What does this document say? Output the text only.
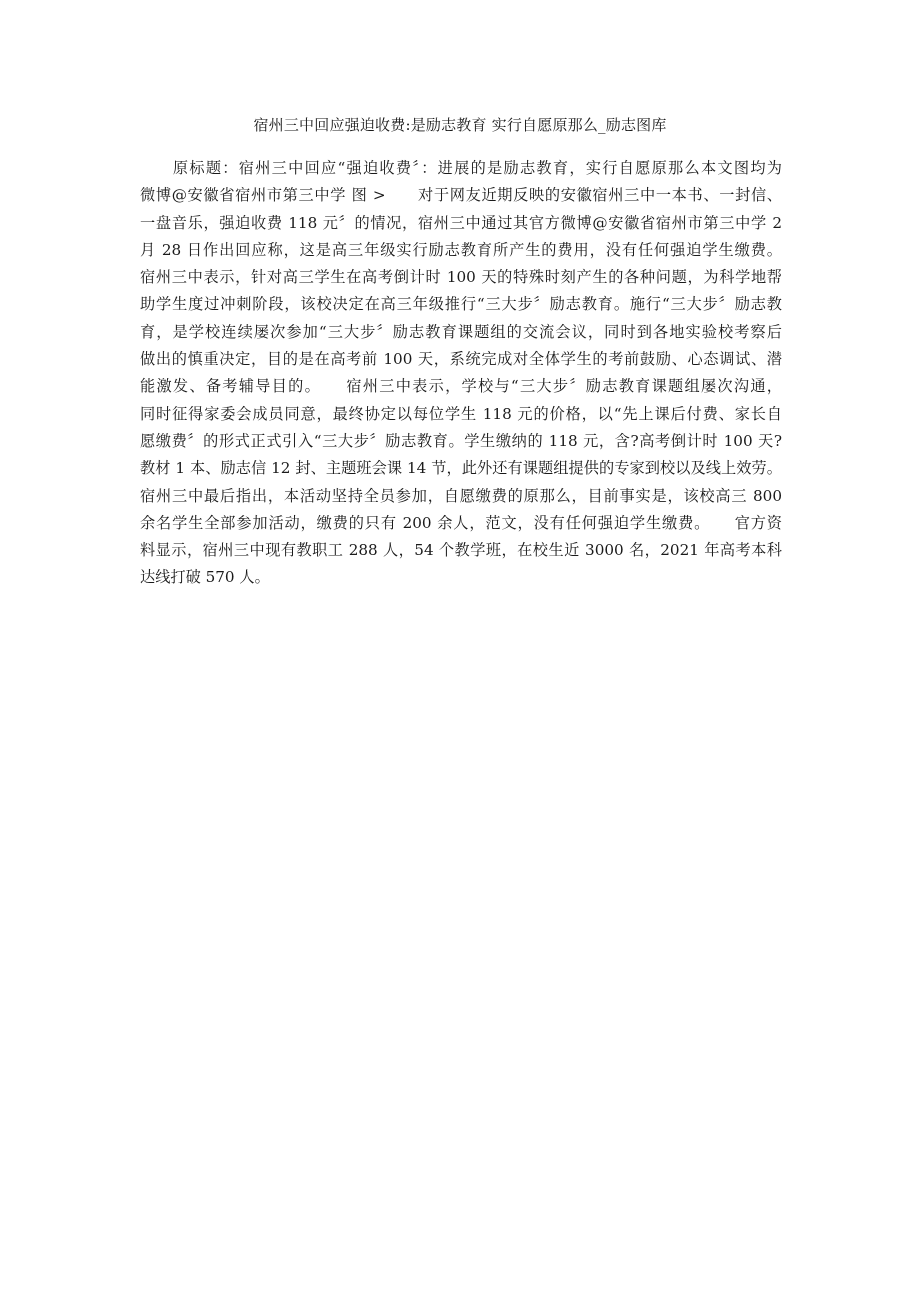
宿州三中回应强迫收费:是励志教育 实行自愿原那么_励志图库
　　原标题：宿州三中回应“强迫收费〞：进展的是励志教育，实行自愿原那么本文图均为
微博@安徽省宿州市第三中学 图 >　　对于网友近期反映的安徽宿州三中一本书、一封信、
一盘音乐，强迫收费 118 元〞的情况，宿州三中通过其官方微博@安徽省宿州市第三中学 2
月 28 日作出回应称，这是高三年级实行励志教育所产生的费用，没有任何强迫学生缴费。
宿州三中表示，针对高三学生在高考倒计时 100 天的特殊时刻产生的各种问题，为科学地帮
助学生度过冲刺阶段，该校决定在高三年级推行“三大步〞励志教育。施行“三大步〞励志教
育，是学校连续屡次参加“三大步〞励志教育课题组的交流会议，同时到各地实验校考察后
做出的慎重决定，目的是在高考前 100 天，系统完成对全体学生的考前鼓励、心态调试、潜
能激发、备考辅导目的。　　宿州三中表示，学校与“三大步〞励志教育课题组屡次沟通，
同时征得家委会成员同意，最终协定以每位学生 118 元的价格，以“先上课后付费、家长自
愿缴费〞的形式正式引入“三大步〞励志教育。学生缴纳的 118 元，含?高考倒计时 100 天?
教材 1 本、励志信 12 封、主题班会课 14 节，此外还有课题组提供的专家到校以及线上效劳。
宿州三中最后指出，本活动坚持全员参加，自愿缴费的原那么，目前事实是，该校高三 800
余名学生全部参加活动，缴费的只有 200 余人，范文，没有任何强迫学生缴费。　　官方资
料显示，宿州三中现有教职工 288 人，54 个教学班，在校生近 3000 名，2021 年高考本科
达线打破 570 人。
